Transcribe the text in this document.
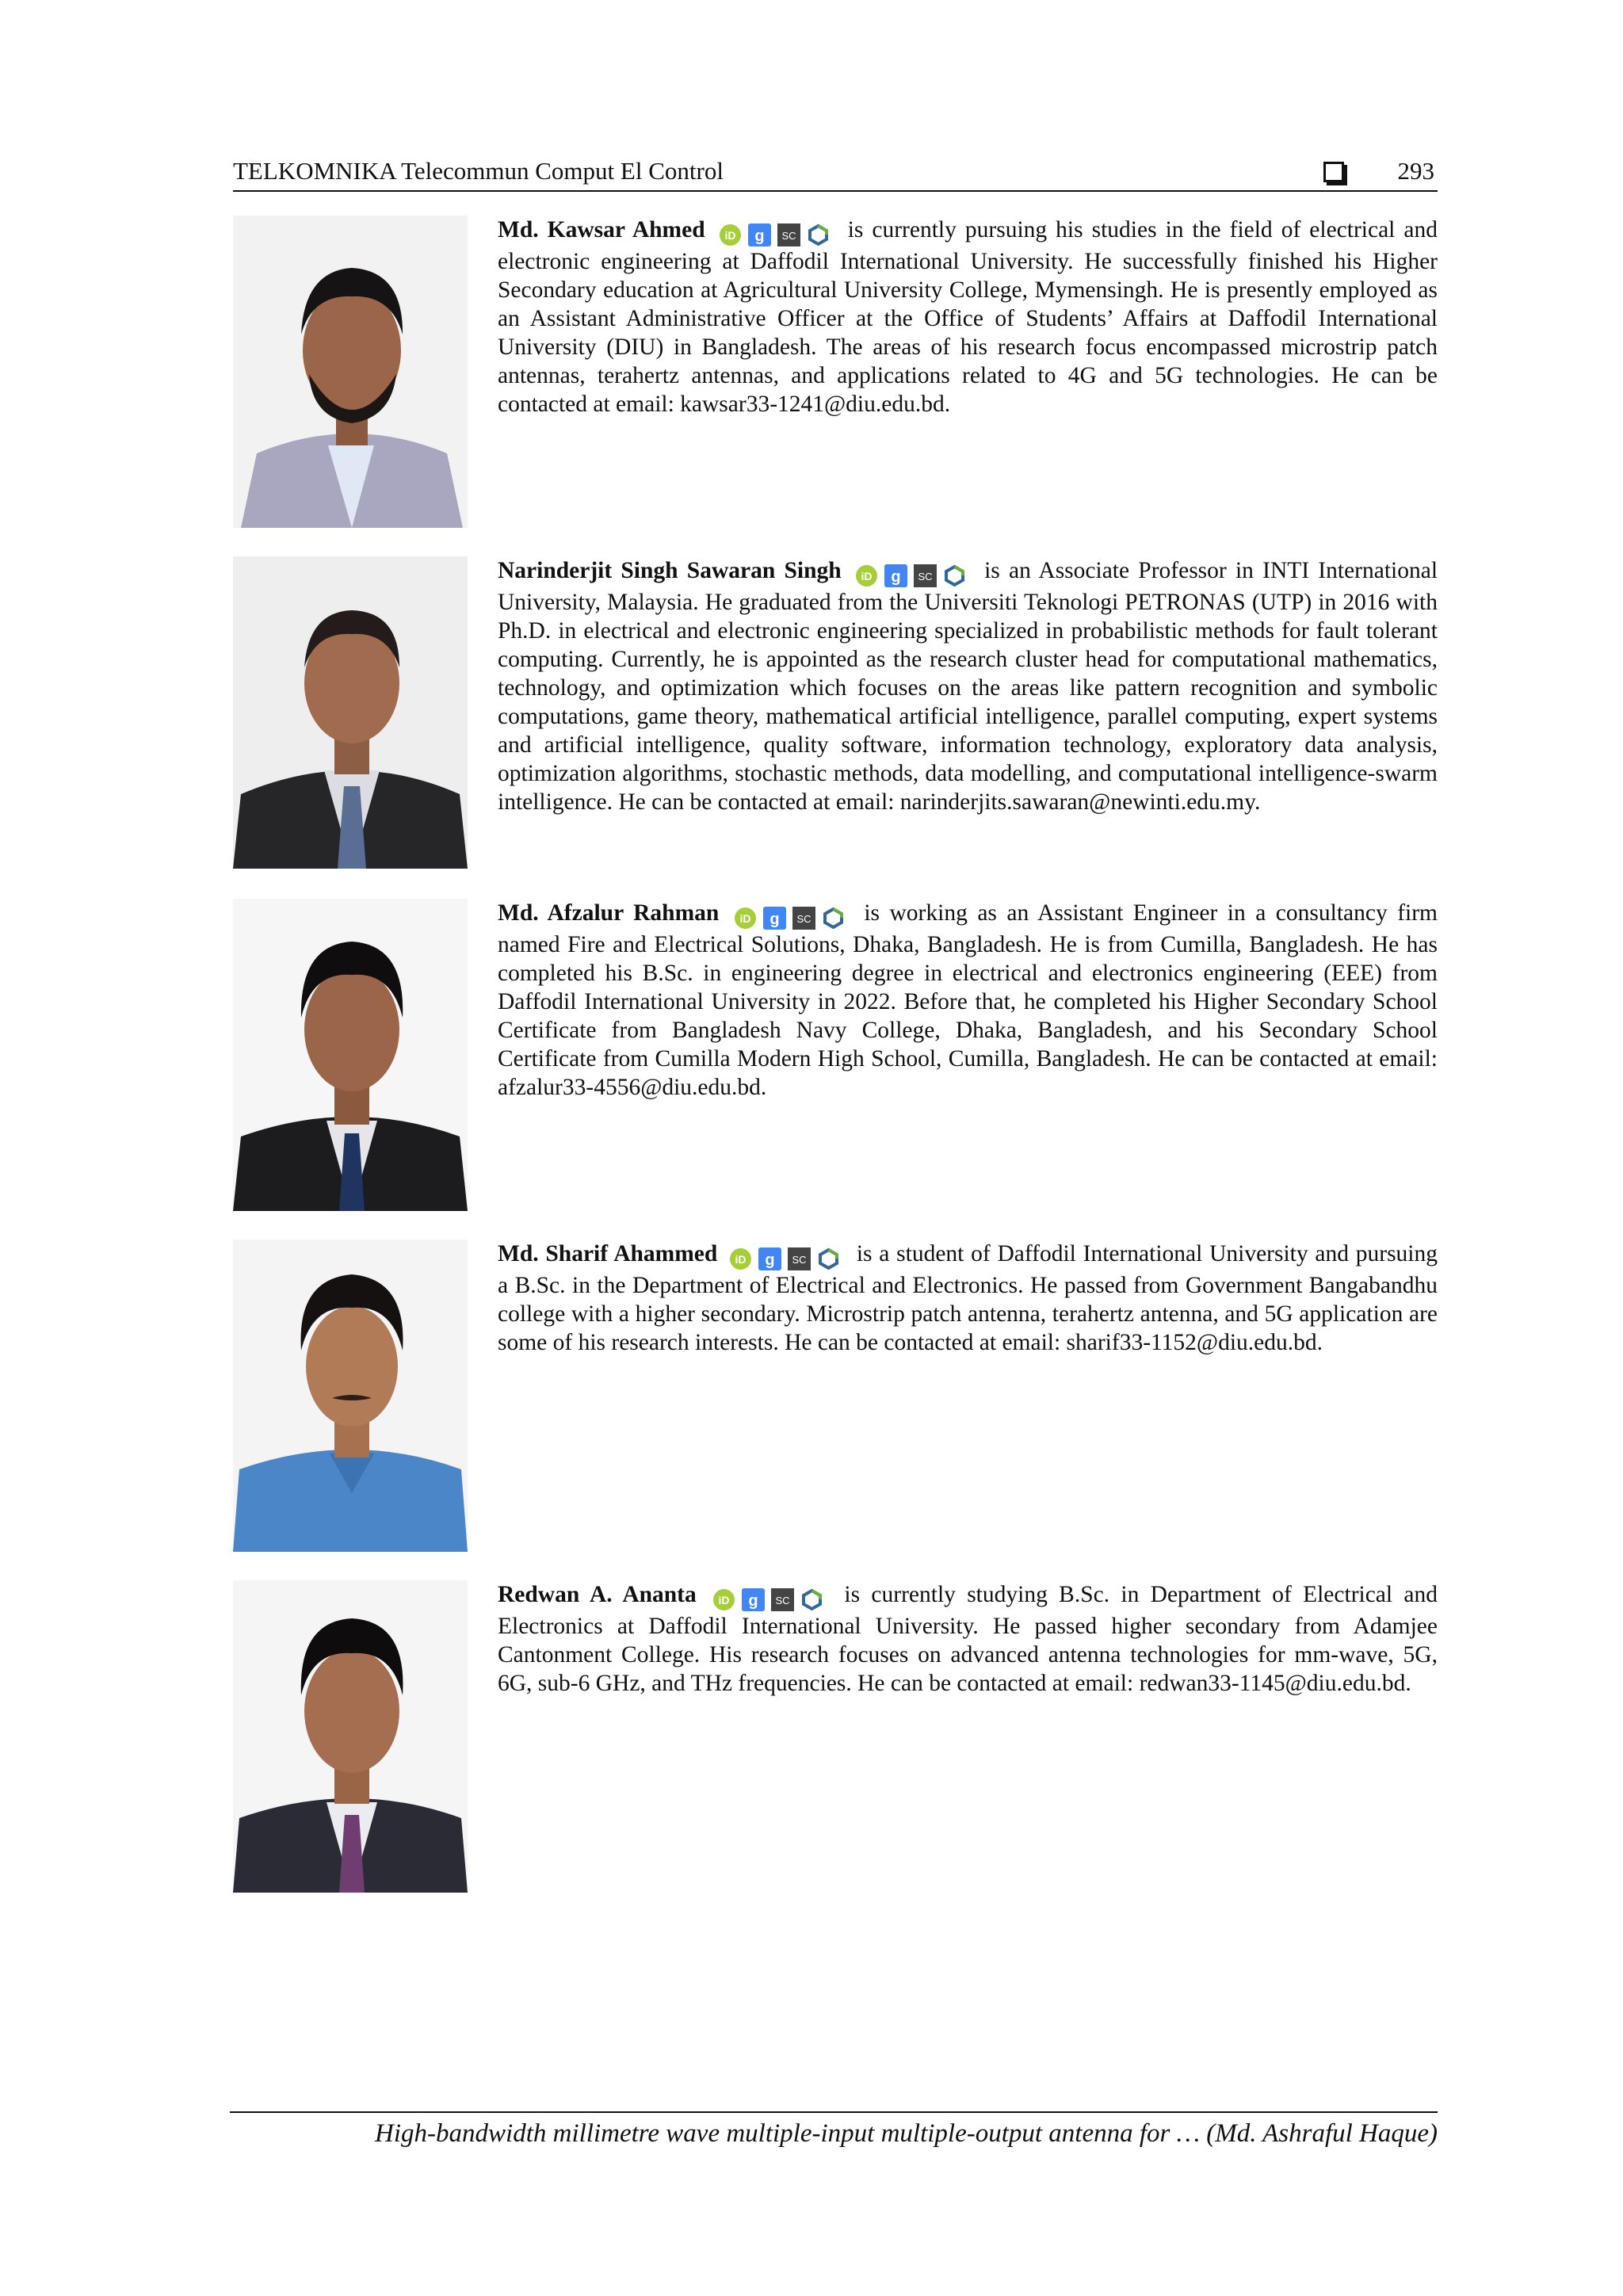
TELKOMNIKA Telecommun Comput El Control	293
Md. Kawsar Ahmed iD g SC is currently pursuing his studies in the field of electrical and electronic engineering at Daffodil International University. He successfully finished his Higher Secondary education at Agricultural University College, Mymensingh. He is presently employed as an Assistant Administrative Officer at the Office of Students’ Affairs at Daffodil International University (DIU) in Bangladesh. The areas of his research focus encompassed microstrip patch antennas, terahertz antennas, and applications related to 4G and 5G technologies. He can be contacted at email: kawsar33-1241@diu.edu.bd.
Narinderjit Singh Sawaran Singh iD g SC is an Associate Professor in INTI International University, Malaysia. He graduated from the Universiti Teknologi PETRONAS (UTP) in 2016 with Ph.D. in electrical and electronic engineering specialized in probabilistic methods for fault tolerant computing. Currently, he is appointed as the research cluster head for computational mathematics, technology, and optimization which focuses on the areas like pattern recognition and symbolic computations, game theory, mathematical artificial intelligence, parallel computing, expert systems and artificial intelligence, quality software, information technology, exploratory data analysis, optimization algorithms, stochastic methods, data modelling, and computational intelligence-swarm intelligence. He can be contacted at email: narinderjits.sawaran@newinti.edu.my.
Md. Afzalur Rahman iD g SC is working as an Assistant Engineer in a consultancy firm named Fire and Electrical Solutions, Dhaka, Bangladesh. He is from Cumilla, Bangladesh. He has completed his B.Sc. in engineering degree in electrical and electronics engineering (EEE) from Daffodil International University in 2022. Before that, he completed his Higher Secondary School Certificate from Bangladesh Navy College, Dhaka, Bangladesh, and his Secondary School Certificate from Cumilla Modern High School, Cumilla, Bangladesh. He can be contacted at email: afzalur33-4556@diu.edu.bd.
Md. Sharif Ahammed iD g SC is a student of Daffodil International University and pursuing a B.Sc. in the Department of Electrical and Electronics. He passed from Government Bangabandhu college with a higher secondary. Microstrip patch antenna, terahertz antenna, and 5G application are some of his research interests. He can be contacted at email: sharif33-1152@diu.edu.bd.
Redwan A. Ananta iD g SC is currently studying B.Sc. in Department of Electrical and Electronics at Daffodil International University. He passed higher secondary from Adamjee Cantonment College. His research focuses on advanced antenna technologies for mm-wave, 5G, 6G, sub-6 GHz, and THz frequencies. He can be contacted at email: redwan33-1145@diu.edu.bd.
High-bandwidth millimetre wave multiple-input multiple-output antenna for … (Md. Ashraful Haque)
